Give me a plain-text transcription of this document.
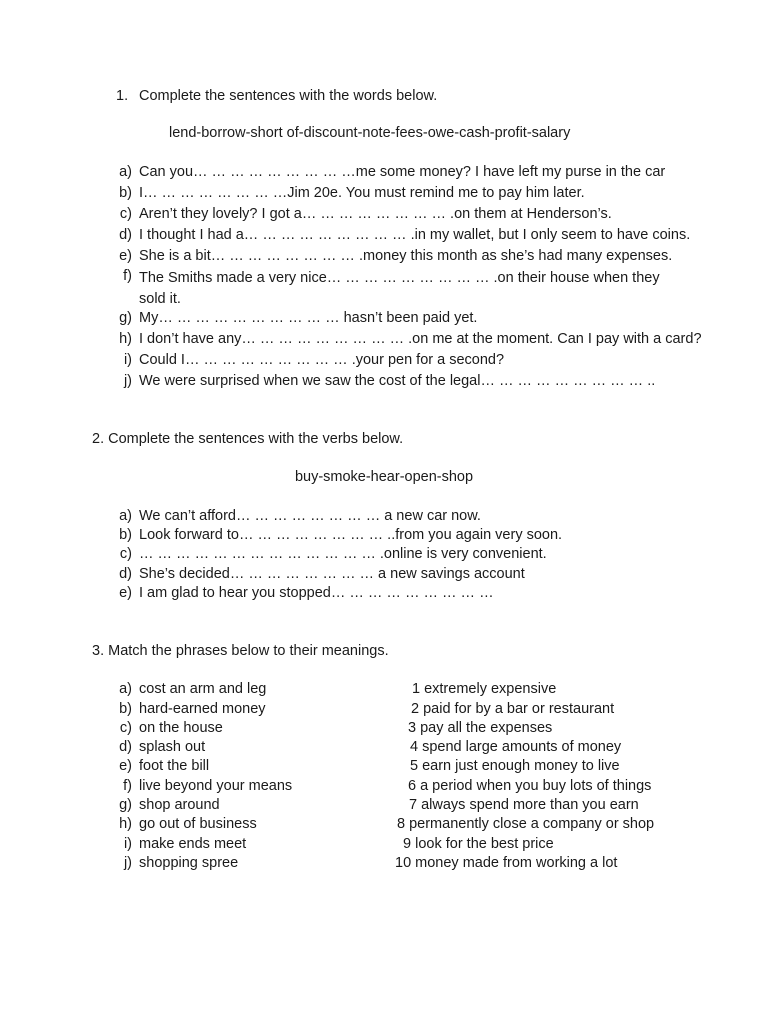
1. Complete the sentences with the words below.
lend-borrow-short of-discount-note-fees-owe-cash-profit-salary
a) Can you… … … … … … … … …me some money? I have left my purse in the car
b) I… … … … … … … …Jim 20e. You must remind me to pay him later.
c) Aren’t they lovely? I got a… … … … … … … … .on them at Henderson’s.
d) I thought I had a… … … … … … … … … .in my wallet, but I only seem to have coins.
e) She is a bit… … … … … … … … .money this month as she’s had many expenses.
f) The Smiths made a very nice… … … … … … … … … .on their house when they sold it.
g) My… … … … … … … … … … hasn’t been paid yet.
h) I don’t have any… … … … … … … … … .on me at the moment. Can I pay with a card?
i) Could I… … … … … … … … … .your pen for a second?
j) We were surprised when we saw the cost of the legal… … … … … … … … … ..
2. Complete the sentences with the verbs below.
buy-smoke-hear-open-shop
a) We can’t afford… … … … … … … … a new car now.
b) Look forward to… … … … … … … … ..from you again very soon.
c) … … … … … … … … … … … … … .online is very convenient.
d) She’s decided… … … … … … … … a new savings account
e) I am glad to hear you stopped… … … … … … … … …
3. Match the phrases below to their meanings.
a) cost an arm and leg	1 extremely expensive
b) hard-earned money	2 paid for by a bar or restaurant
c) on the house	3 pay all the expenses
d) splash out	4 spend large amounts of money
e) foot the bill	5 earn just enough money to live
f) live beyond your means	6 a period when you buy lots of things
g) shop around	7 always spend more than you earn
h) go out of business	8 permanently close a company or shop
i) make ends meet	9 look for the best price
j) shopping spree	10 money made from working a lot
